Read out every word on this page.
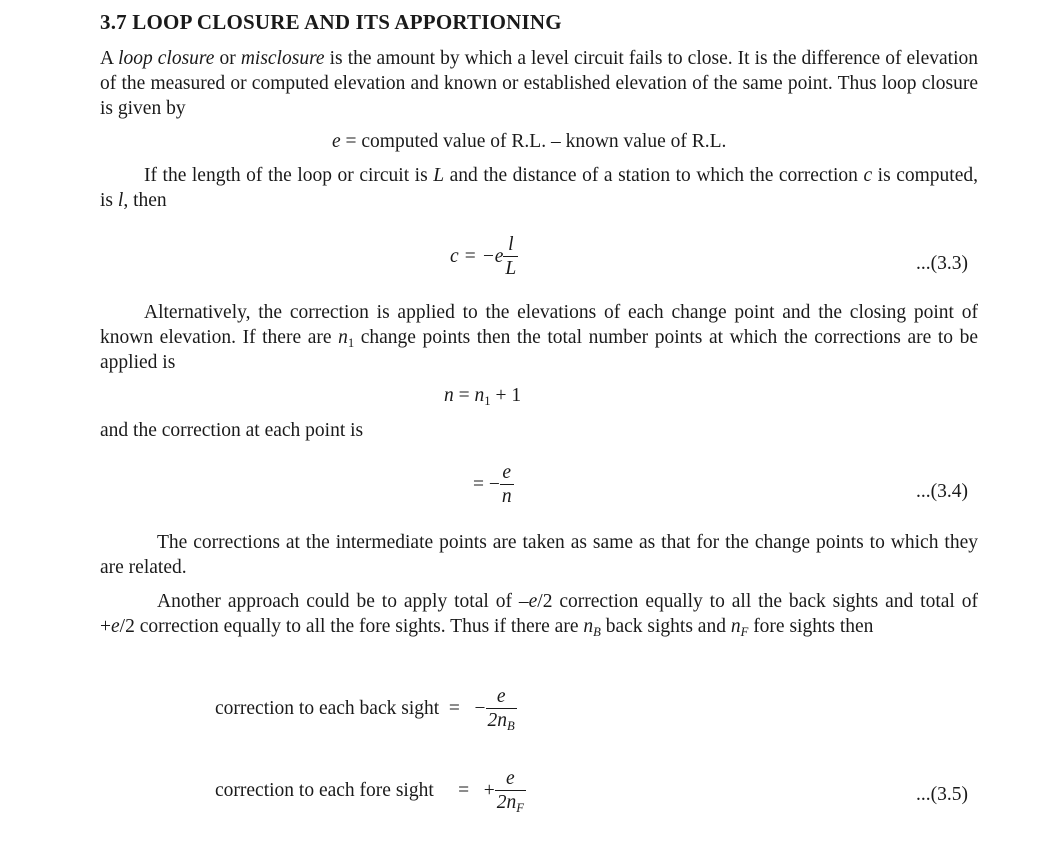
3.7 LOOP CLOSURE AND ITS APPORTIONING

A loop closure or misclosure is the amount by which a level circuit fails to close. It is the difference of elevation of the measured or computed elevation and known or established elevation of the same point. Thus loop closure is given by

e = computed value of R.L. – known value of R.L.

If the length of the loop or circuit is L and the distance of a station to which the correction c is computed, is l, then

$c = -e \frac{l}{L}$	...(3.3)

Alternatively, the correction is applied to the elevations of each change point and the closing point of known elevation. If there are $n_1$ change points then the total number points at which the corrections are to be applied is

$n = n_1 + 1$

and the correction at each point is

= − $\frac{e}{n}$	...(3.4)

The corrections at the intermediate points are taken as same as that for the change points to which they are related.

Another approach could be to apply total of –e/2 correction equally to all the back sights and total of +e/2 correction equally to all the fore sights. Thus if there are $n_B$ back sights and $n_F$ fore sights then

correction to each back sight = − $\frac{e}{2n_B}$
correction to each fore sight = + $\frac{e}{2n_F}$	...(3.5)
